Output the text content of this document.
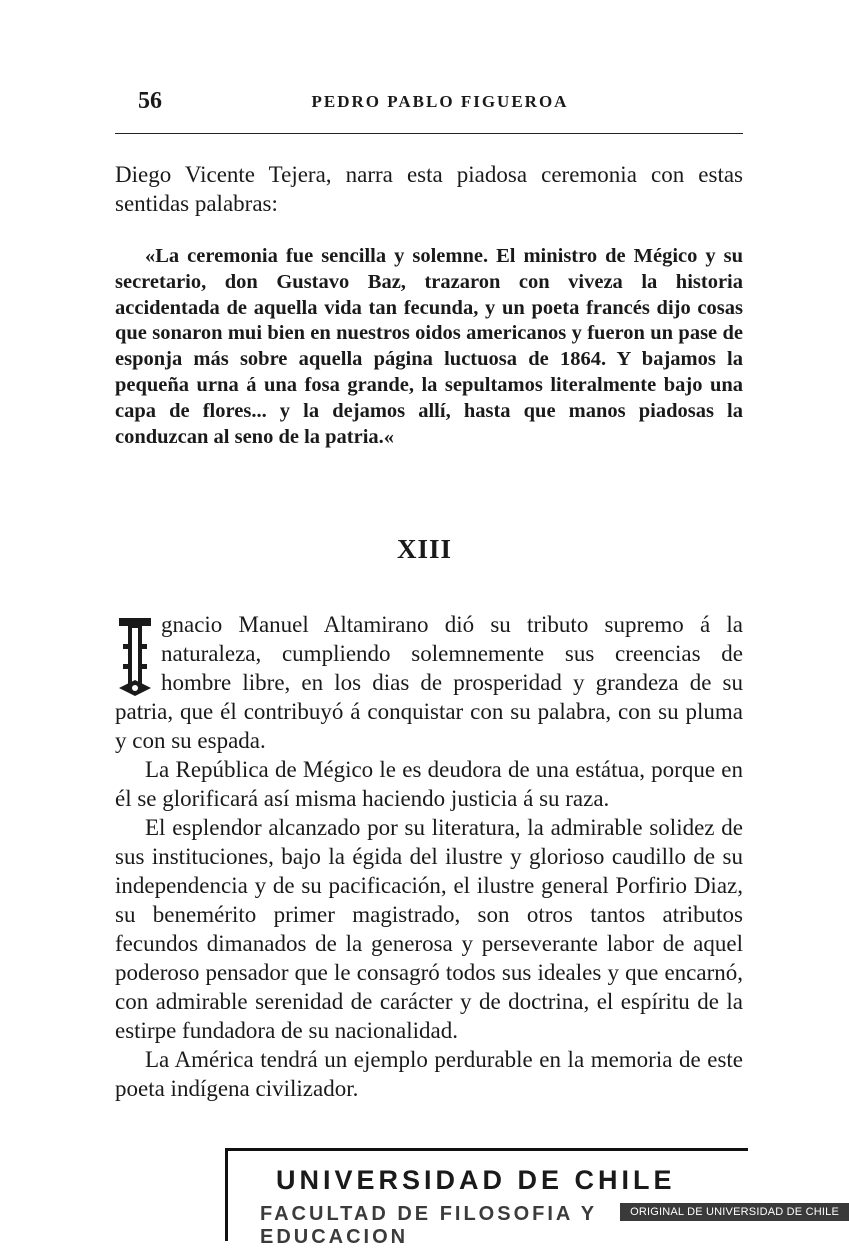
56	PEDRO PABLO FIGUEROA
Diego Vicente Tejera, narra esta piadosa ceremonia con estas sentidas palabras:
«La ceremonia fue sencilla y solemne. El ministro de Mégico y su secretario, don Gustavo Baz, trazaron con viveza la historia accidentada de aquella vida tan fecunda, y un poeta francés dijo cosas que sonaron mui bien en nuestros oidos americanos y fueron un pase de esponja más sobre aquella página luctuosa de 1864. Y bajamos la pequeña urna á una fosa grande, la sepultamos literalmente bajo una capa de flores... y la dejamos allí, hasta que manos piadosas la conduzcan al seno de la patria.«
XIII

gnacio Manuel Altamirano dió su tributo supremo á la naturaleza, cumpliendo solemnemente sus creencias de hombre libre, en los dias de prosperidad y grandeza de su patria, que él contribuyó á conquistar con su palabra, con su pluma y con su espada.

La República de Mégico le es deudora de una estátua, porque en él se glorificará así misma haciendo justicia á su raza.

El esplendor alcanzado por su literatura, la admirable solidez de sus instituciones, bajo la égida del ilustre y glorioso caudillo de su independencia y de su pacificación, el ilustre general Porfirio Diaz, su benemérito primer magistrado, son otros tantos atributos fecundos dimanados de la generosa y perseverante labor de aquel poderoso pensador que le consagró todos sus ideales y que encarnó, con admirable serenidad de carácter y de doctrina, el espíritu de la estirpe fundadora de su nacionalidad.

La América tendrá un ejemplo perdurable en la memoria de este poeta indígena civilizador.

UNIVERSIDAD DE CHILE
FACULTAD DE FILOSOFIA Y EDUCACION
ORIGINAL DE UNIVERSIDAD DE CHILE
